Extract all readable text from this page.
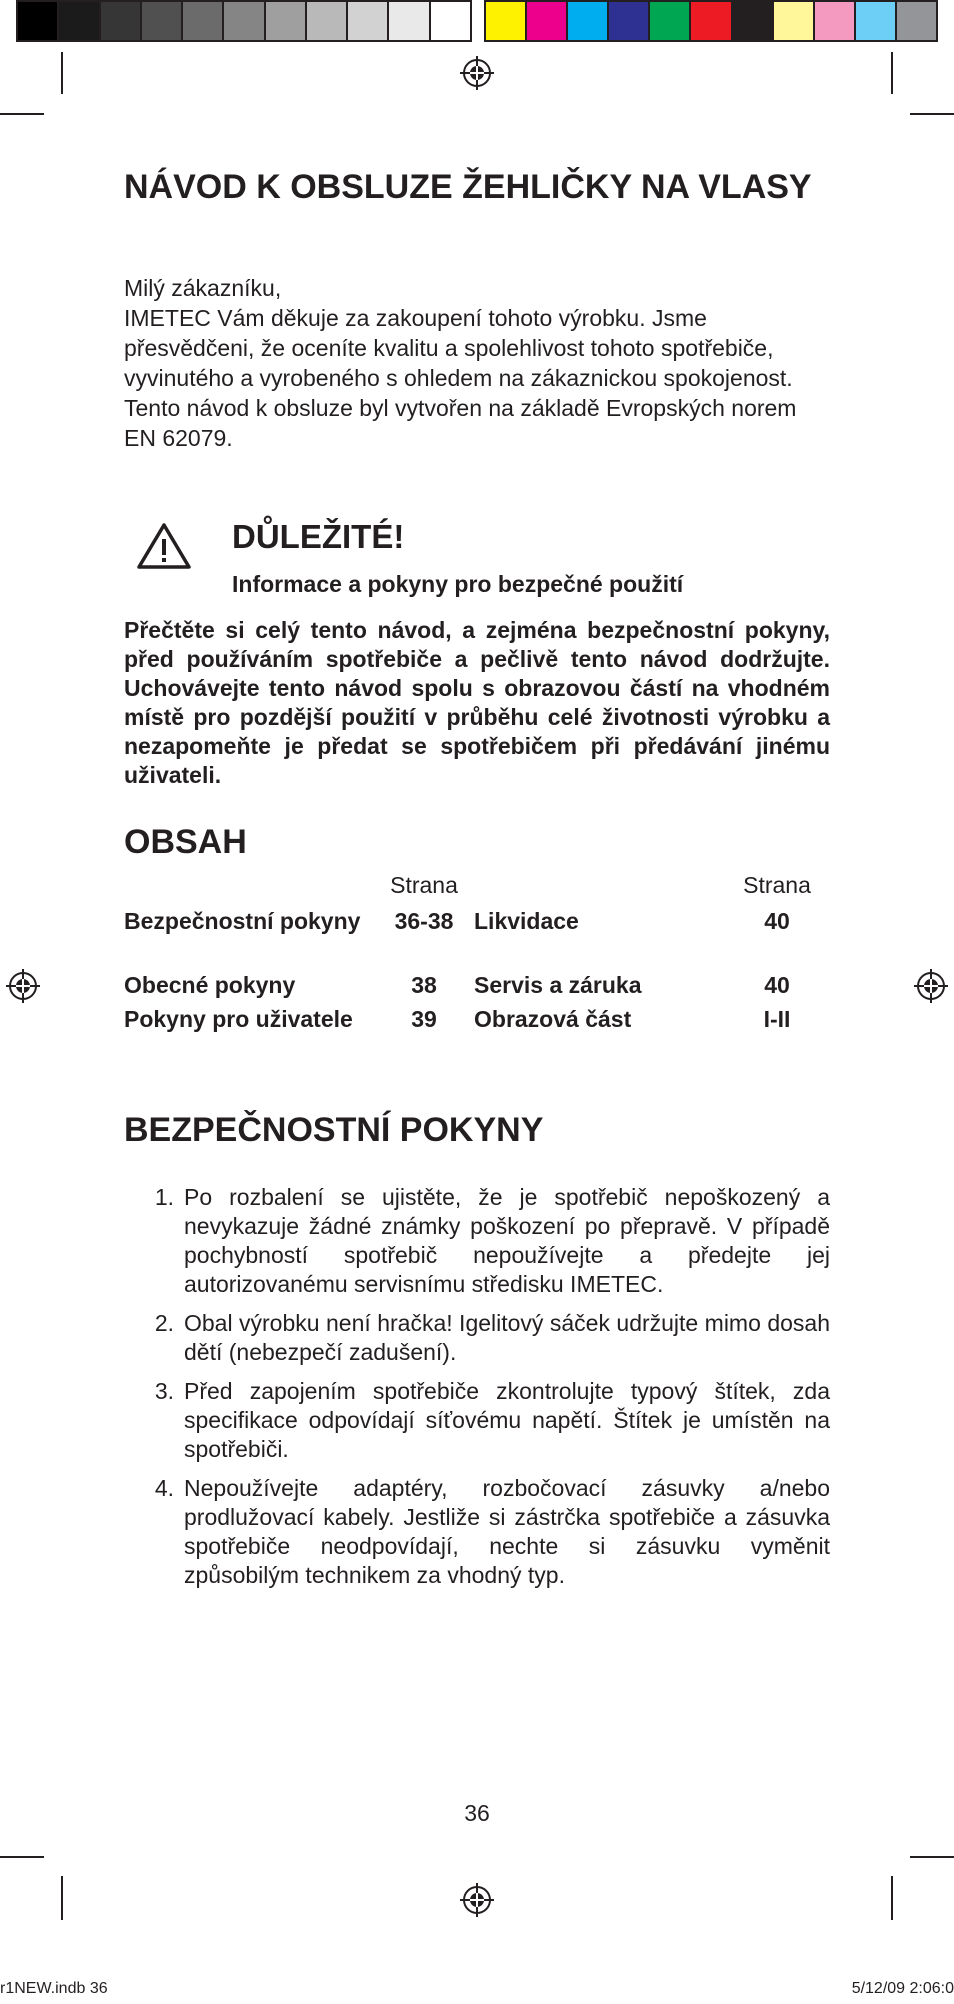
NÁVOD K OBSLUZE ŽEHLIČKY NA VLASY

Milý zákazníku,

IMETEC Vám děkuje za zakoupení tohoto výrobku. Jsme přesvědčeni, že oceníte kvalitu a spolehlivost tohoto spotřebiče, vyvinutého a vyrobeného s ohledem na zákaznickou spokojenost.

Tento návod k obsluze byl vytvořen na základě Evropských norem EN 62079.

DŮLEŽITÉ!
Informace a pokyny pro bezpečné použití
Přečtěte si celý tento návod, a zejména bezpečnostní pokyny, před používáním spotřebiče a pečlivě tento návod dodržujte. Uchovávejte tento návod spolu s obrazovou částí na vhodném místě pro pozdější použití v průběhu celé životnosti výrobku a nezapomeňte je předat se spotřebičem při předávání jinému uživateli.
OBSAH
	Strana		Strana
Bezpečnostní pokyny	36-38	Likvidace	40
Obecné pokyny	38	Servis a záruka	40
Pokyny pro uživatele	39	Obrazová část	I-II
BEZPEČNOSTNÍ POKYNY
1. Po rozbalení se ujistěte, že je spotřebič nepoškozený a nevykazuje žádné známky poškození po přepravě. V případě pochybností spotřebič nepoužívejte a předejte jej autorizovanému servisnímu středisku IMETEC.
2. Obal výrobku není hračka! Igelitový sáček udržujte mimo dosah dětí (nebezpečí zadušení).
3. Před zapojením spotřebiče zkontrolujte typový štítek, zda specifikace odpovídají síťovému napětí. Štítek je umístěn na spotřebiči.
4. Nepoužívejte adaptéry, rozbočovací zásuvky a/nebo prodlužovací kabely. Jestliže si zástrčka spotřebiče a zásuvka spotřebiče neodpovídají, nechte si zásuvku vyměnit způsobilým technikem za vhodný typ.
36
r1NEW.indb 36	5/12/09 2:06:0
